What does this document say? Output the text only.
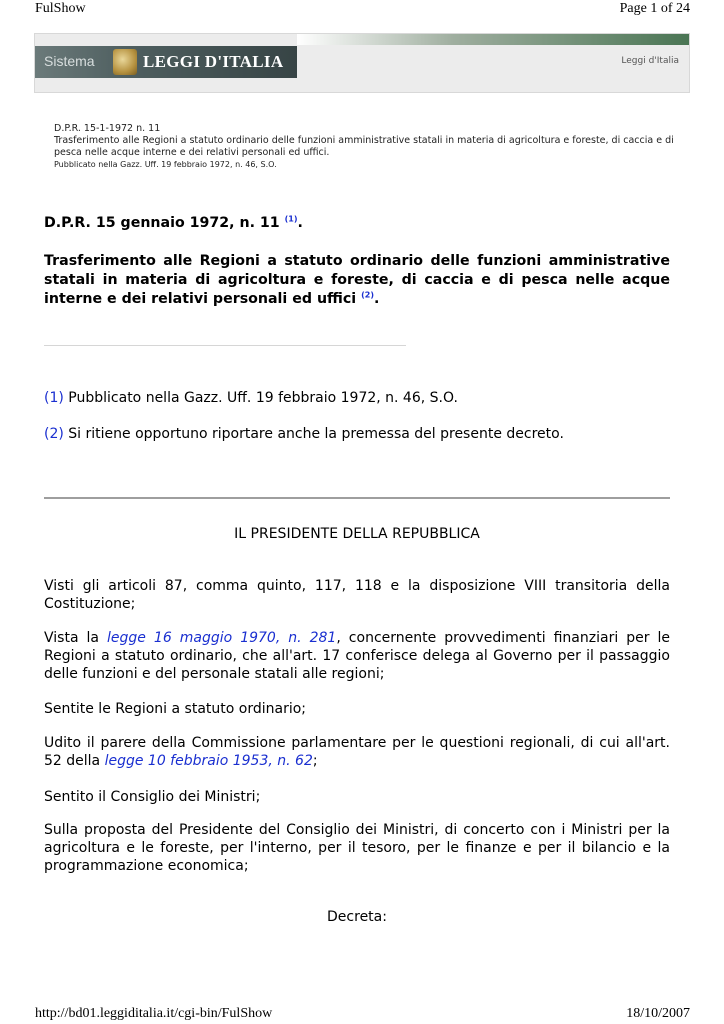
FulShow	Page 1 of 24
Sistema	LEGGI D'ITALIA	Leggi d'Italia
D.P.R. 15-1-1972 n. 11
Trasferimento alle Regioni a statuto ordinario delle funzioni amministrative statali in materia di agricoltura e foreste, di caccia e di pesca nelle acque interne e dei relativi personali ed uffici.
Pubblicato nella Gazz. Uff. 19 febbraio 1972, n. 46, S.O.
D.P.R. 15 gennaio 1972, n. 11 $^{(1)}$.
Trasferimento alle Regioni a statuto ordinario delle funzioni amministrative statali in materia di agricoltura e foreste, di caccia e di pesca nelle acque interne e dei relativi personali ed uffici $^{(2)}$.
(1) Pubblicato nella Gazz. Uff. 19 febbraio 1972, n. 46, S.O.
(2) Si ritiene opportuno riportare anche la premessa del presente decreto.
IL PRESIDENTE DELLA REPUBBLICA
Visti gli articoli 87, comma quinto, 117, 118 e la disposizione VIII transitoria della Costituzione;
Vista la legge 16 maggio 1970, n. 281, concernente provvedimenti finanziari per le Regioni a statuto ordinario, che all'art. 17 conferisce delega al Governo per il passaggio delle funzioni e del personale statali alle regioni;
Sentite le Regioni a statuto ordinario;
Udito il parere della Commissione parlamentare per le questioni regionali, di cui all'art. 52 della legge 10 febbraio 1953, n. 62;
Sentito il Consiglio dei Ministri;
Sulla proposta del Presidente del Consiglio dei Ministri, di concerto con i Ministri per la agricoltura e le foreste, per l'interno, per il tesoro, per le finanze e per il bilancio e la programmazione economica;
Decreta:
http://bd01.leggiditalia.it/cgi-bin/FulShow	18/10/2007
